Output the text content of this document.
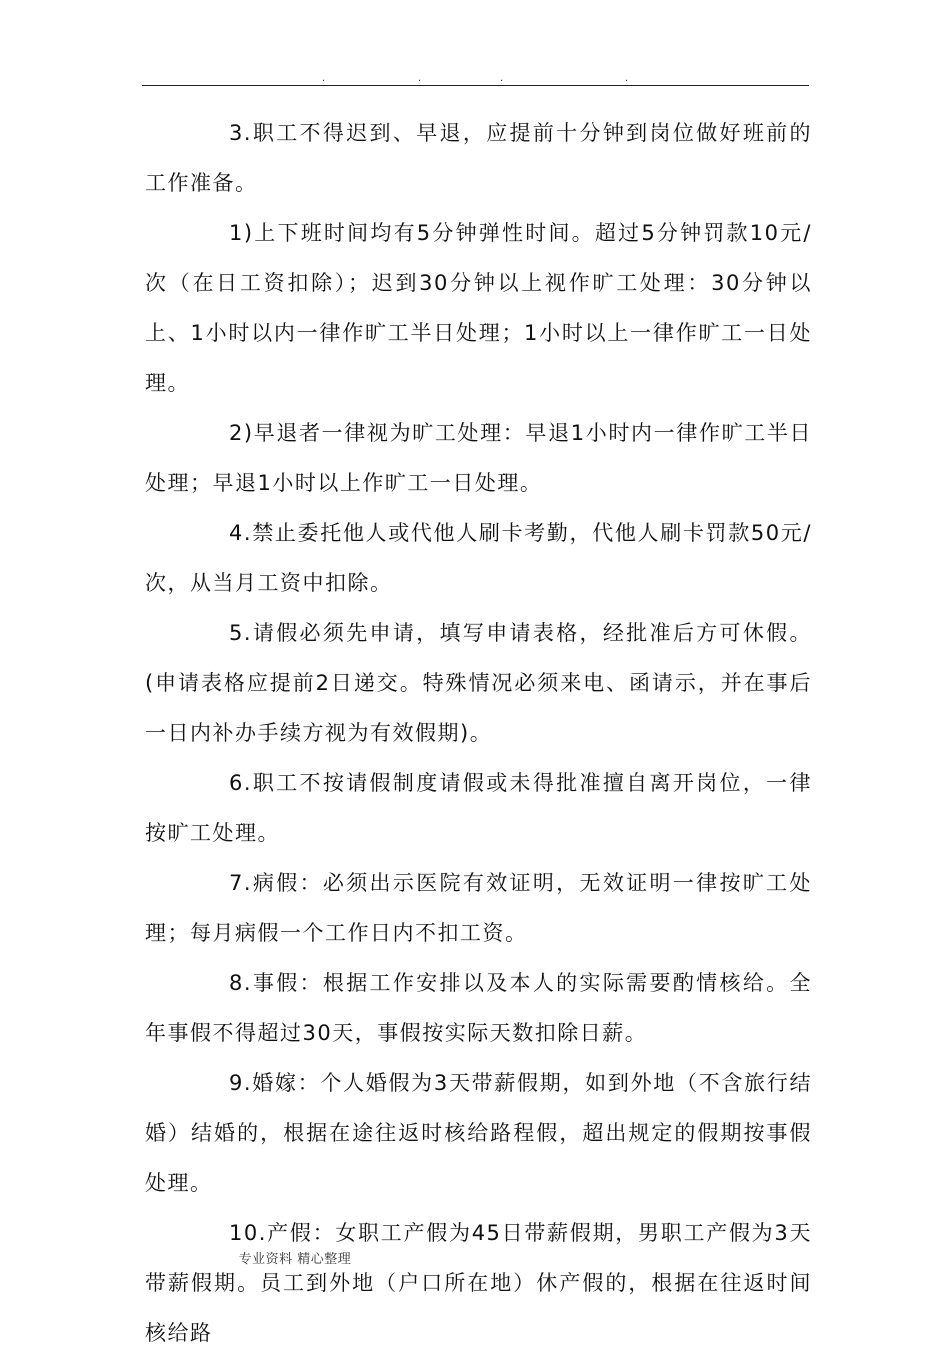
.	.	.	.

3.职工不得迟到、早退，应提前十分钟到岗位做好班前的工作准备。

1)上下班时间均有5分钟弹性时间。超过5分钟罚款10元/次（在日工资扣除）；迟到30分钟以上视作旷工处理：30分钟以上、1小时以内一律作旷工半日处理；1小时以上一律作旷工一日处理。

2)早退者一律视为旷工处理：早退1小时内一律作旷工半日处理；早退1小时以上作旷工一日处理。

4.禁止委托他人或代他人刷卡考勤，代他人刷卡罚款50元/次，从当月工资中扣除。

5.请假必须先申请，填写申请表格，经批准后方可休假。(申请表格应提前2日递交。特殊情况必须来电、函请示，并在事后一日内补办手续方视为有效假期)。

6.职工不按请假制度请假或未得批准擅自离开岗位，一律按旷工处理。

7.病假：必须出示医院有效证明，无效证明一律按旷工处理；每月病假一个工作日内不扣工资。

8.事假：根据工作安排以及本人的实际需要酌情核给。全年事假不得超过30天，事假按实际天数扣除日薪。

9.婚嫁：个人婚假为3天带薪假期，如到外地（不含旅行结婚）结婚的，根据在途往返时核给路程假，超出规定的假期按事假处理。

10.产假：女职工产假为45日带薪假期，男职工产假为3天带薪假期。员工到外地（户口所在地）休产假的，根据在往返时间核给路

专业资料 精心整理
